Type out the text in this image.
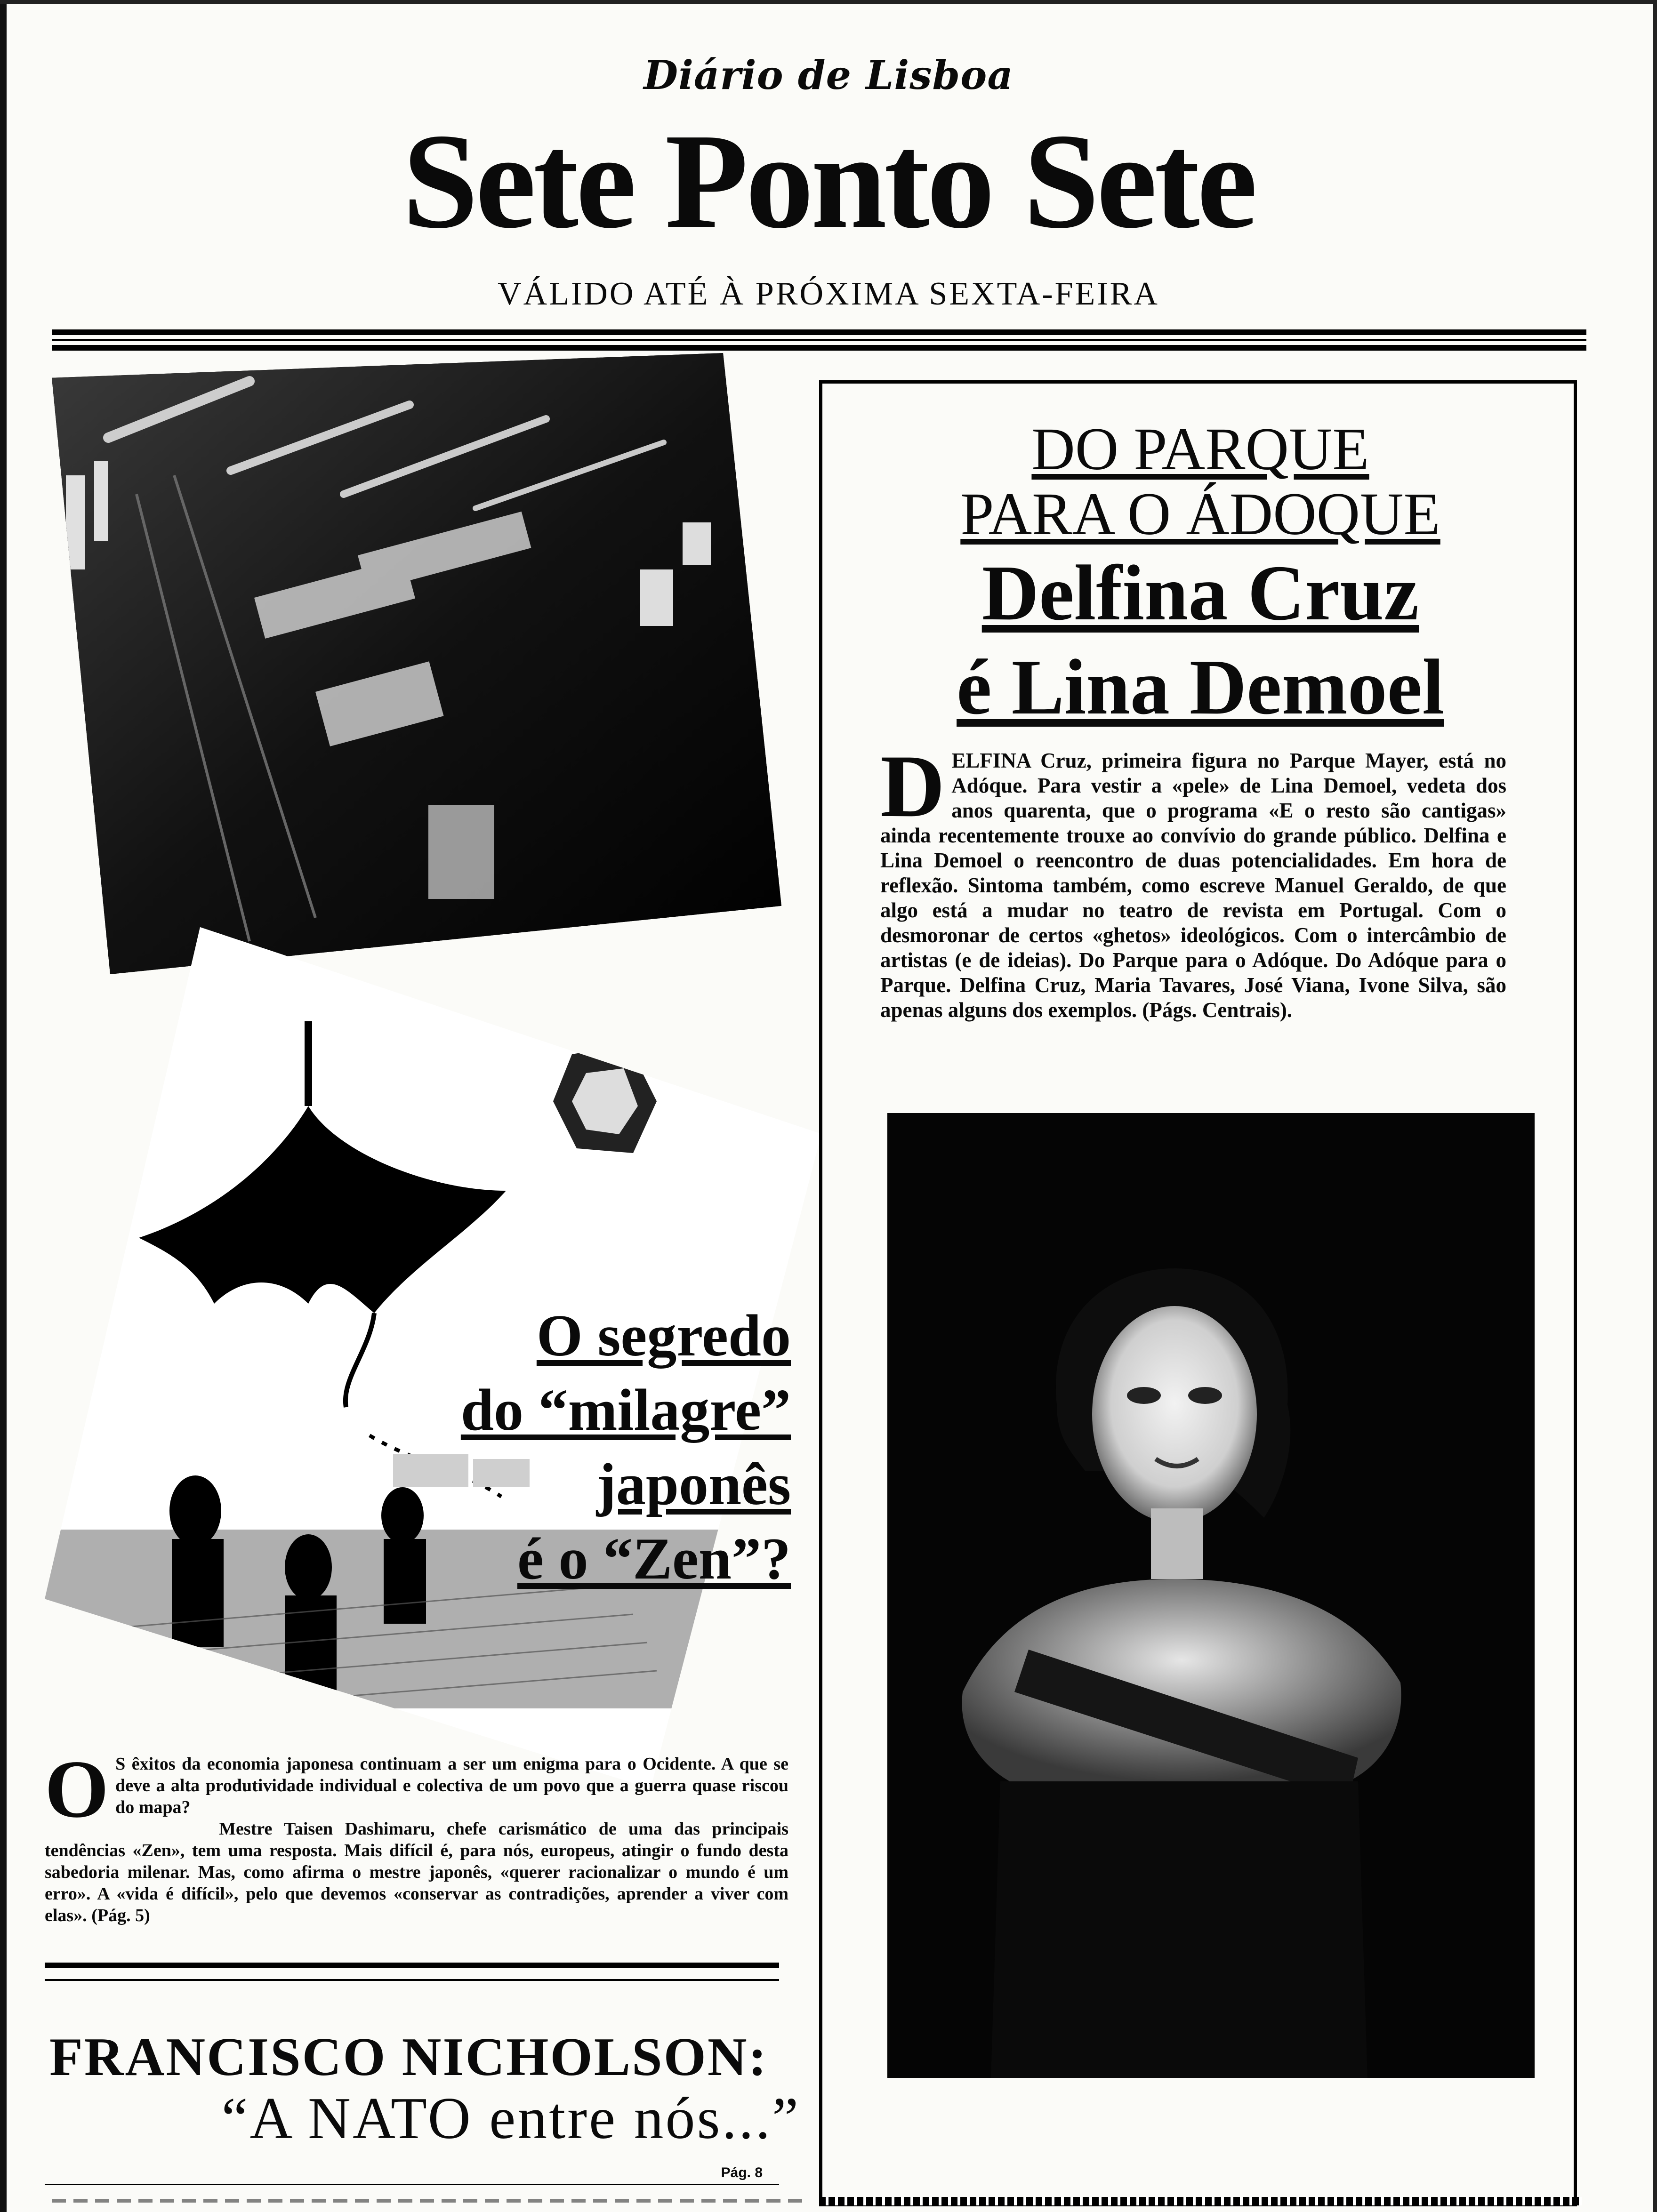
Diário de Lisboa
Sete Ponto Sete
VÁLIDO ATÉ À PRÓXIMA SEXTA-FEIRA
DO PARQUE
PARA O ÁDOQUE
Delfina Cruz
é Lina Demoel
D ELFINA Cruz, primeira figura no Parque Mayer, está no Adóque. Para vestir a «pele» de Lina Demoel, vedeta dos anos quarenta, que o programa «E o resto são cantigas» ainda recentemente trouxe ao convívio do grande público. Delfina e Lina Demoel o reencontro de duas potencialidades. Em hora de reflexão. Sintoma também, como escreve Manuel Geraldo, de que algo está a mudar no teatro de revista em Portugal. Com o desmoronar de certos «ghetos» ideológicos. Com o intercâmbio de artistas (e de ideias). Do Parque para o Adóque. Do Adóque para o Parque. Delfina Cruz, Maria Tavares, José Viana, Ivone Silva, são apenas alguns dos exemplos. (Págs. Centrais).
O segredo
do “milagre”
japonês
é o “Zen”?
O S êxitos da economia japonesa continuam a ser um enigma para o Ocidente. A que se deve a alta produtividade individual e colectiva de um povo que a guerra quase riscou do mapa?
Mestre Taisen Dashimaru, chefe carismático de uma das principais tendências «Zen», tem uma resposta. Mais difícil é, para nós, europeus, atingir o fundo desta sabedoria milenar. Mas, como afirma o mestre japonês, «querer racionalizar o mundo é um erro». A «vida é difícil», pelo que devemos «conservar as contradições, aprender a viver com elas». (Pág. 5)
FRANCISCO NICHOLSON:
“A NATO entre nós...”
Pág. 8
